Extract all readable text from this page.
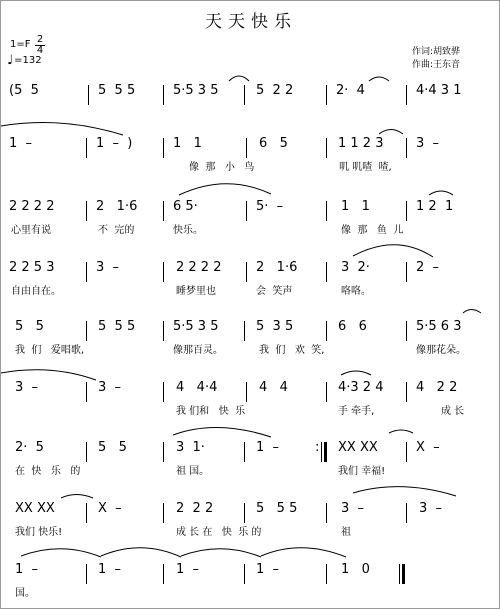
天天快乐
1=F 2
4
♩=132
作词:胡致骅
作曲:王东音
(5  5	5  5 5	5·5 3 5	5  2 2	2·  4	4·4 3 1
1  –	1  –  )	1   1	6   5	1 1 2 3	3  –
像  那   小   鸟	叽 叽喳  喳,
2 2 2 2	2   1·6	6 5·	5·  –	1   1	1 2  1
心里有说	不  完的	快乐。	像  那   鱼  儿
2 2 5 3	3  –	2 2 2 2	2   1·6	3  2·	2  –
自由自在。	睡梦里也	会  笑声	咯咯。
5   5	5  5 5	5·5 3 5	5  3 5	6   6	5·5 6 3
我  们   爱唱歌,	像那百灵。	我  们   欢  笑,	像那花朵。
3  –	3  –	4   4·4	4   4	4·3 2 4	4   2 2
我 们和   快  乐	手 牵手,	成 长
2·  5	5   5	3  1·	1  –	: XX XX	X  –
在  快   乐   的	祖 国。	我们 幸福!
XX XX	X  –	2  2 2	5   5 5	3  –	3  –
我们 快乐!	成 长 在   快  乐 的	祖
1  –	1  –	1  –	1  –	1   0
国。
